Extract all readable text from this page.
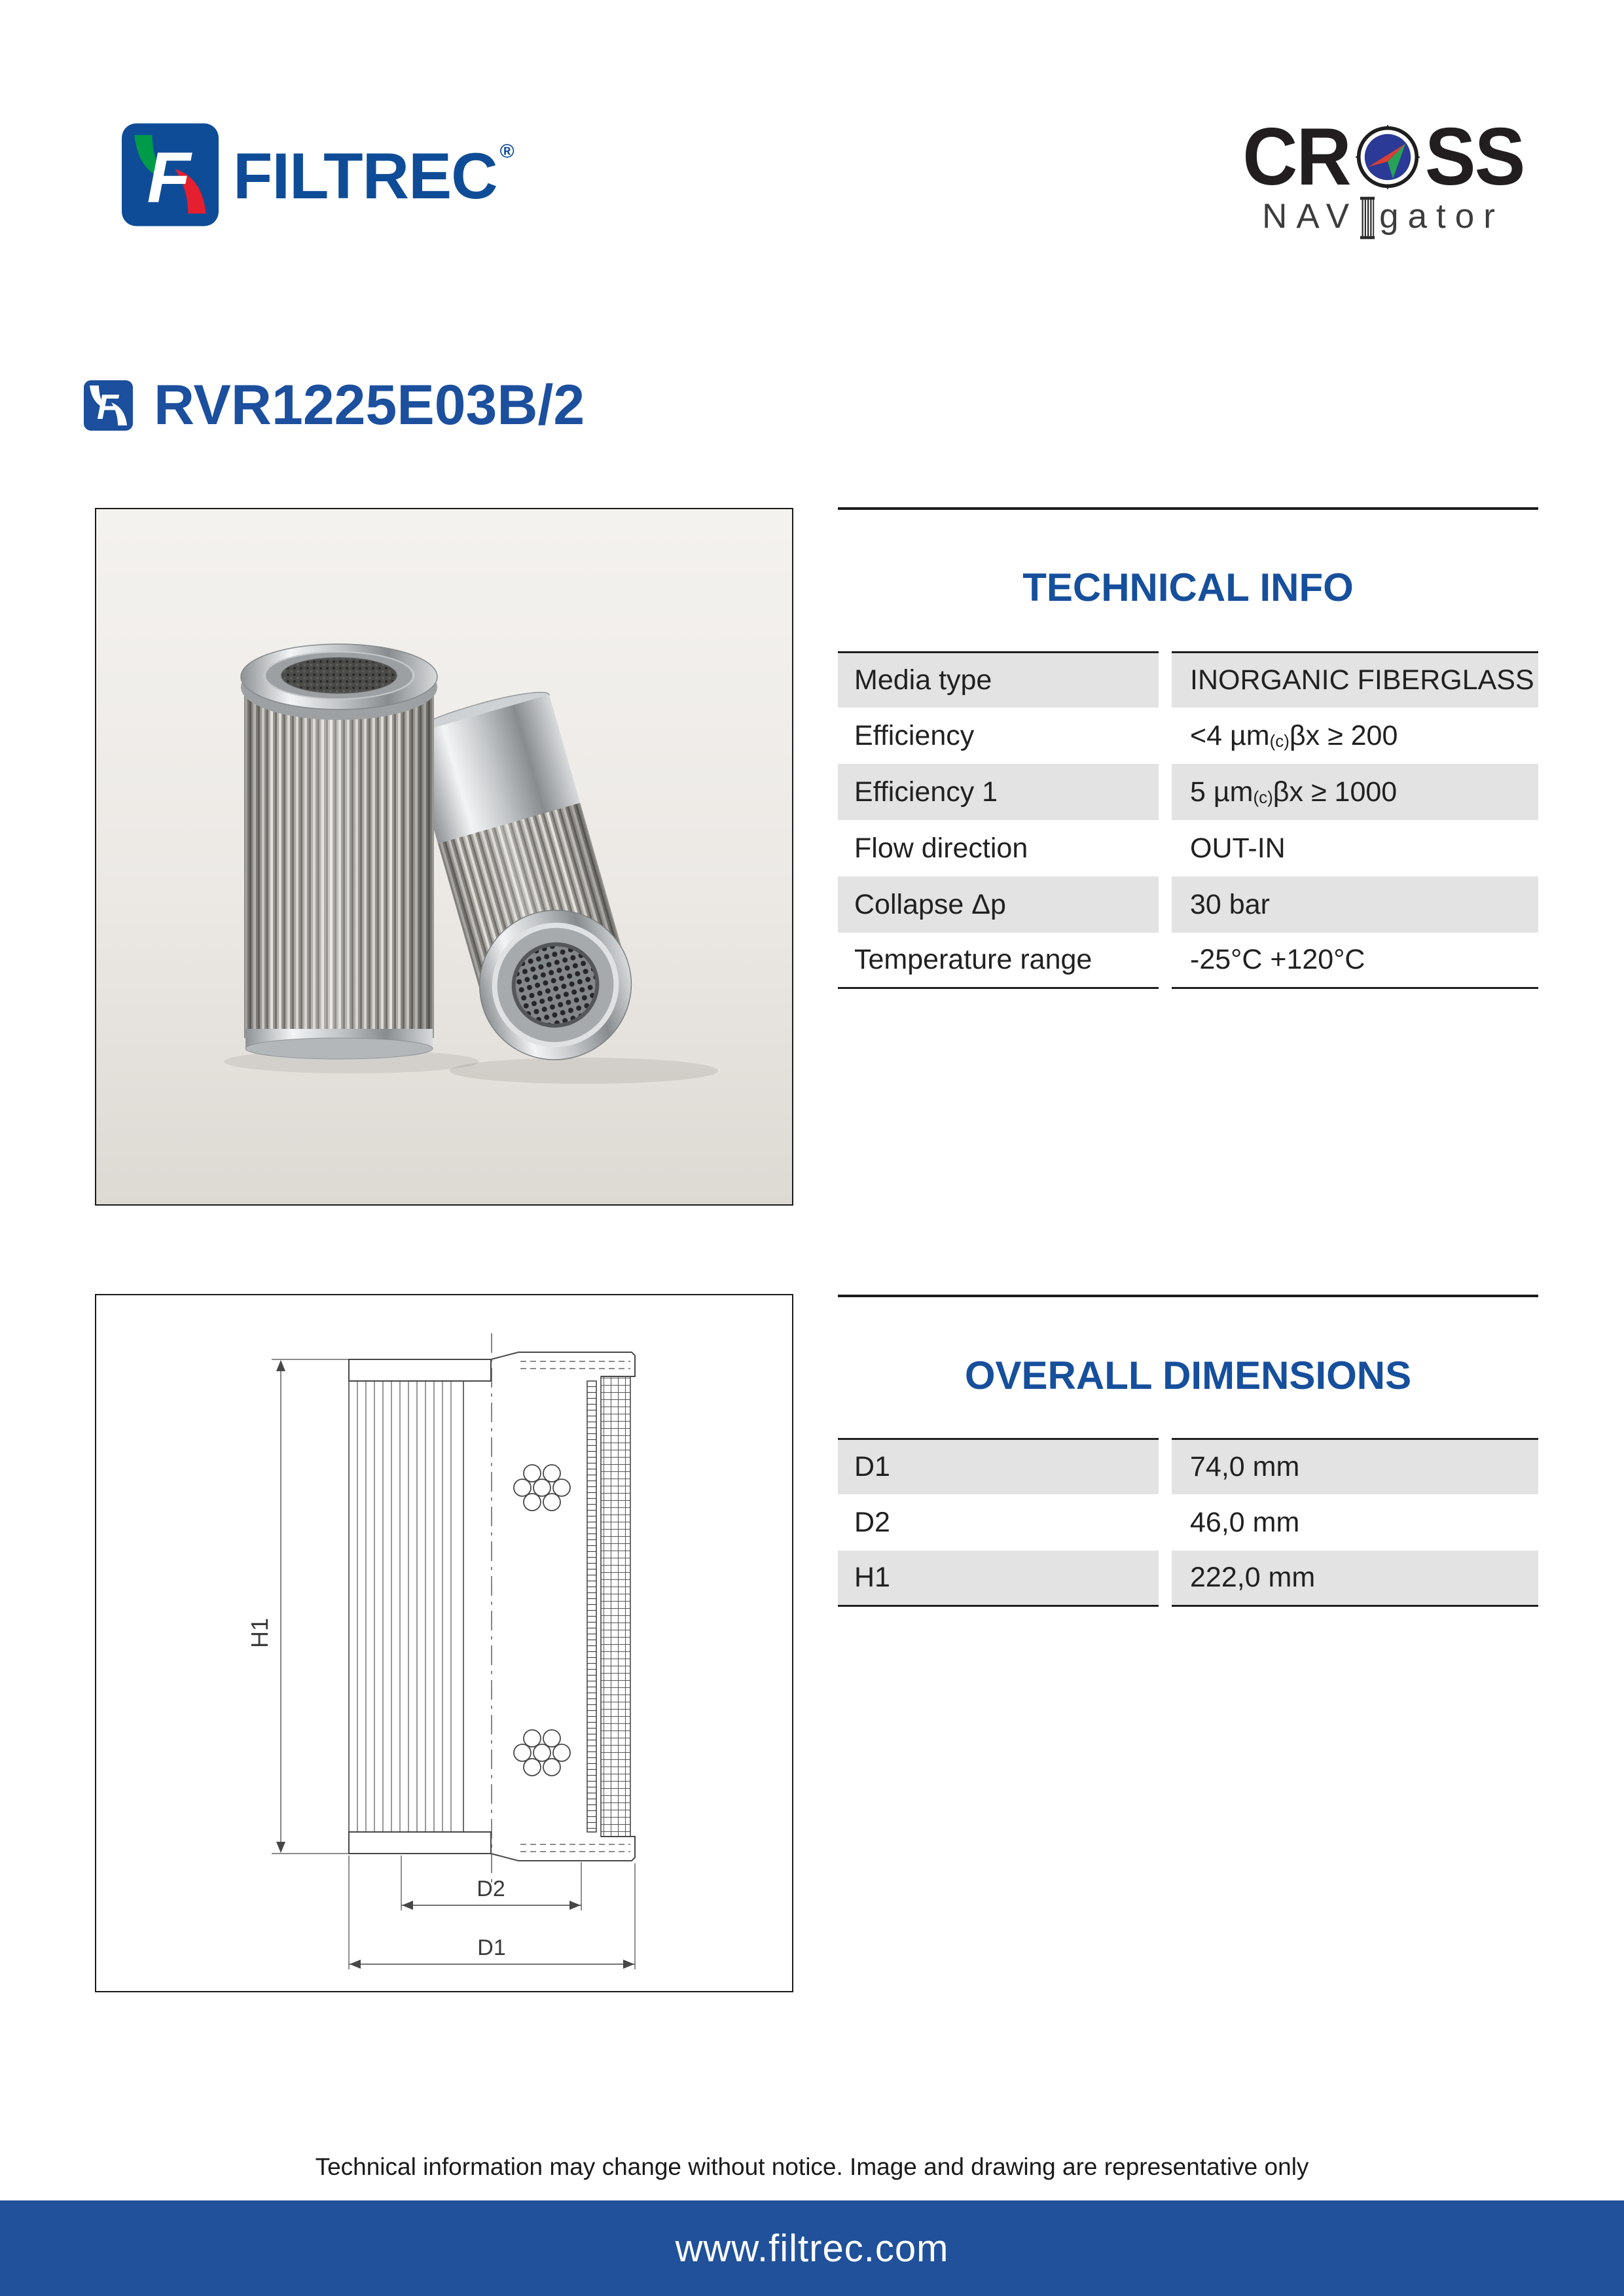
F FILTREC ®	CR SS
NAV gator
F RVR1225E03B/2
TECHNICAL INFO
Media type	INORGANIC FIBERGLASS
Efficiency	<4 µm$_{(c)}$ βx ≥ 200
Efficiency 1	5 µm$_{(c)}$ βx ≥ 1000
Flow direction	OUT-IN
Collapse Δp	30 bar
Temperature range	-25°C +120°C
H1
D2
D1
OVERALL DIMENSIONS
D1	74,0 mm
D2	46,0 mm
H1	222,0 mm
Technical information may change without notice. Image and drawing are representative only
www.filtrec.com
